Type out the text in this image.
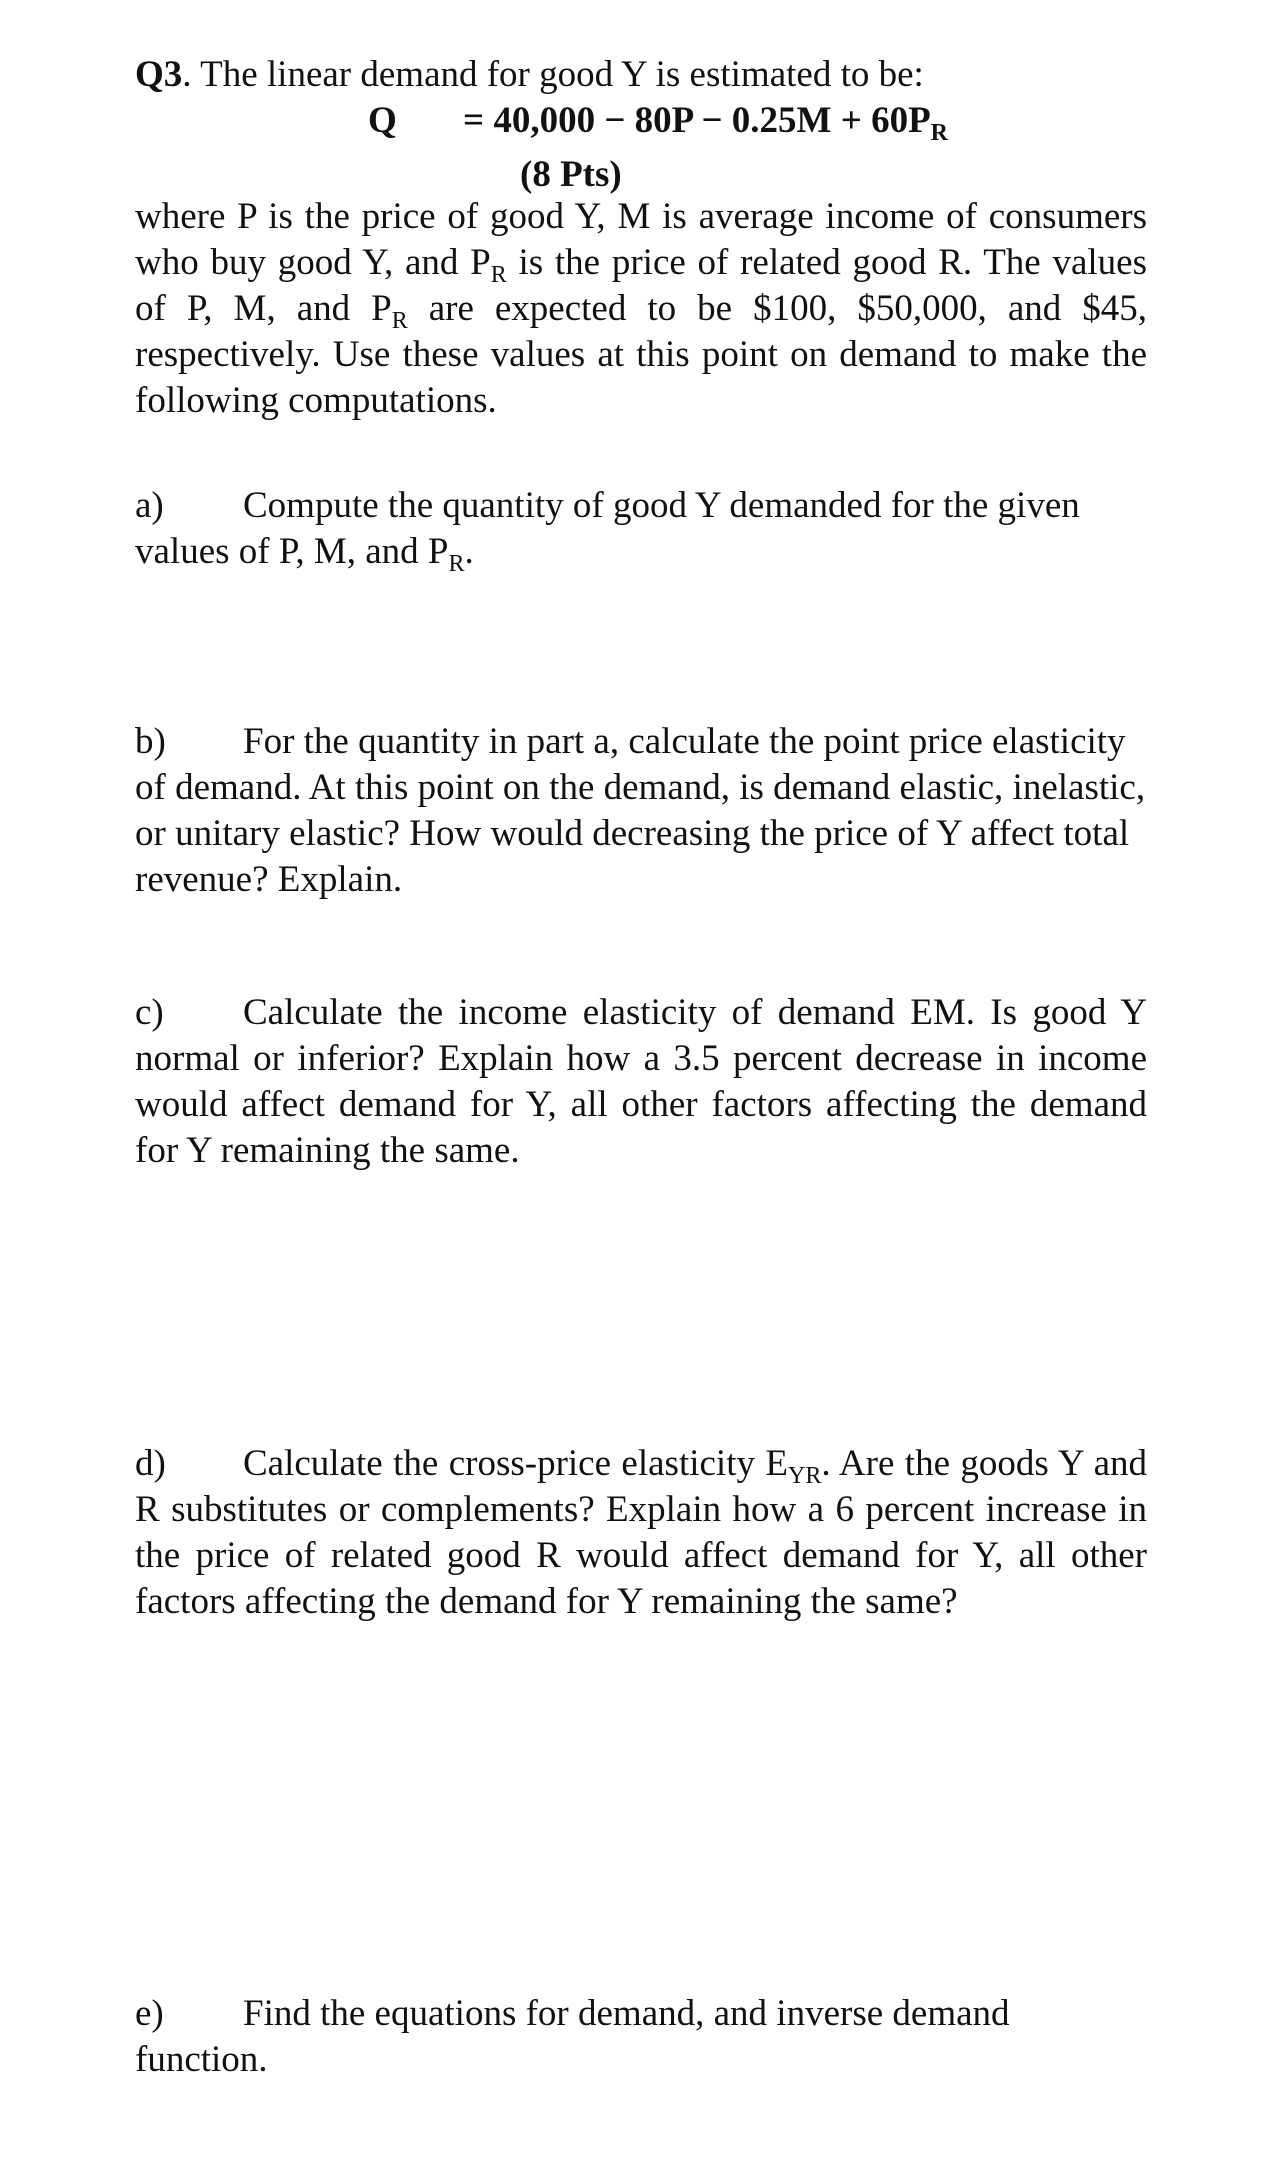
Q3. The linear demand for good Y is estimated to be:

$Q = 40,000 - 80P - 0.25M + 60P_R$

(8 Pts)

where P is the price of good Y, M is average income of consumers who buy good Y, and $P_R$ is the price of related good R. The values of P, M, and $P_R$ are expected to be $100, $50,000, and $45, respectively. Use these values at this point on demand to make the following computations.

a) Compute the quantity of good Y demanded for the given values of P, M, and $P_R$.

b) For the quantity in part a, calculate the point price elasticity of demand. At this point on the demand, is demand elastic, inelastic, or unitary elastic? How would decreasing the price of Y affect total revenue? Explain.

c) Calculate the income elasticity of demand EM. Is good Y normal or inferior? Explain how a 3.5 percent decrease in income would affect demand for Y, all other factors affecting the demand for Y remaining the same.

d) Calculate the cross-price elasticity $E_{YR}$. Are the goods Y and R substitutes or complements? Explain how a 6 percent increase in the price of related good R would affect demand for Y, all other factors affecting the demand for Y remaining the same?

e) Find the equations for demand, and inverse demand function.
